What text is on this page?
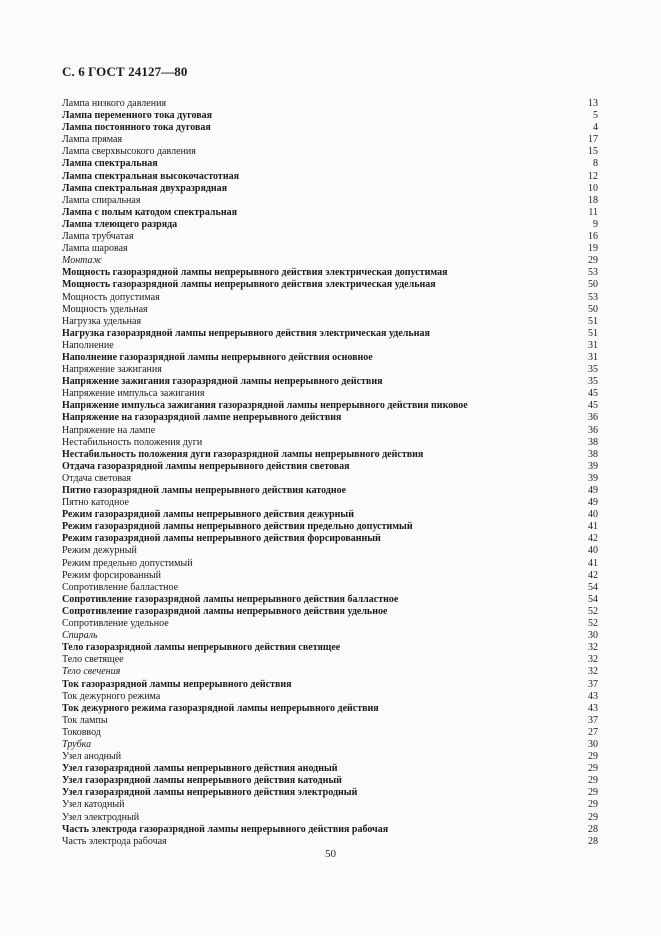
С. 6 ГОСТ 24127—80
Лампа низкого давления	13
Лампа переменного тока дуговая	5
Лампа постоянного тока дуговая	4
Лампа прямая	17
Лампа сверхвысокого давления	15
Лампа спектральная	8
Лампа спектральная высокочастотная	12
Лампа спектральная двухразрядная	10
Лампа спиральная	18
Лампа с полым катодом спектральная	11
Лампа тлеющего разряда	9
Лампа трубчатая	16
Лампа шаровая	19
Монтаж	29
Мощность газоразрядной лампы непрерывного действия электрическая допустимая	53
Мощность газоразрядной лампы непрерывного действия электрическая удельная	50
Мощность допустимая	53
Мощность удельная	50
Нагрузка удельная	51
Нагрузка газоразрядной лампы непрерывного действия электрическая удельная	51
Наполнение	31
Наполнение газоразрядной лампы непрерывного действия основное	31
Напряжение зажигания	35
Напряжение зажигания газоразрядной лампы непрерывного действия	35
Напряжение импульса зажигания	45
Напряжение импульса зажигания газоразрядной лампы непрерывного действия пиковое	45
Напряжение на газоразрядной лампе непрерывного действия	36
Напряжение на лампе	36
Нестабильность положения дуги	38
Нестабильность положения дуги газоразрядной лампы непрерывного действия	38
Отдача газоразрядной лампы непрерывного действия световая	39
Отдача световая	39
Пятно газоразрядной лампы непрерывного действия катодное	49
Пятно катодное	49
Режим газоразрядной лампы непрерывного действия дежурный	40
Режим газоразрядной лампы непрерывного действия предельно допустимый	41
Режим газоразрядной лампы непрерывного действия форсированный	42
Режим дежурный	40
Режим предельно допустимый	41
Режим форсированный	42
Сопротивление балластное	54
Сопротивление газоразрядной лампы непрерывного действия балластное	54
Сопротивление газоразрядной лампы непрерывного действия удельное	52
Сопротивление удельное	52
Спираль	30
Тело газоразрядной лампы непрерывного действия светящее	32
Тело светящее	32
Тело свечения	32
Ток газоразрядной лампы непрерывного действия	37
Ток дежурного режима	43
Ток дежурного режима газоразрядной лампы непрерывного действия	43
Ток лампы	37
Токоввод	27
Трубка	30
Узел анодный	29
Узел газоразрядной лампы непрерывного действия анодный	29
Узел газоразрядной лампы непрерывного действия катодный	29
Узел газоразрядной лампы непрерывного действия электродный	29
Узел катодный	29
Узел электродный	29
Часть электрода газоразрядной лампы непрерывного действия рабочая	28
Часть электрода рабочая	28
50
